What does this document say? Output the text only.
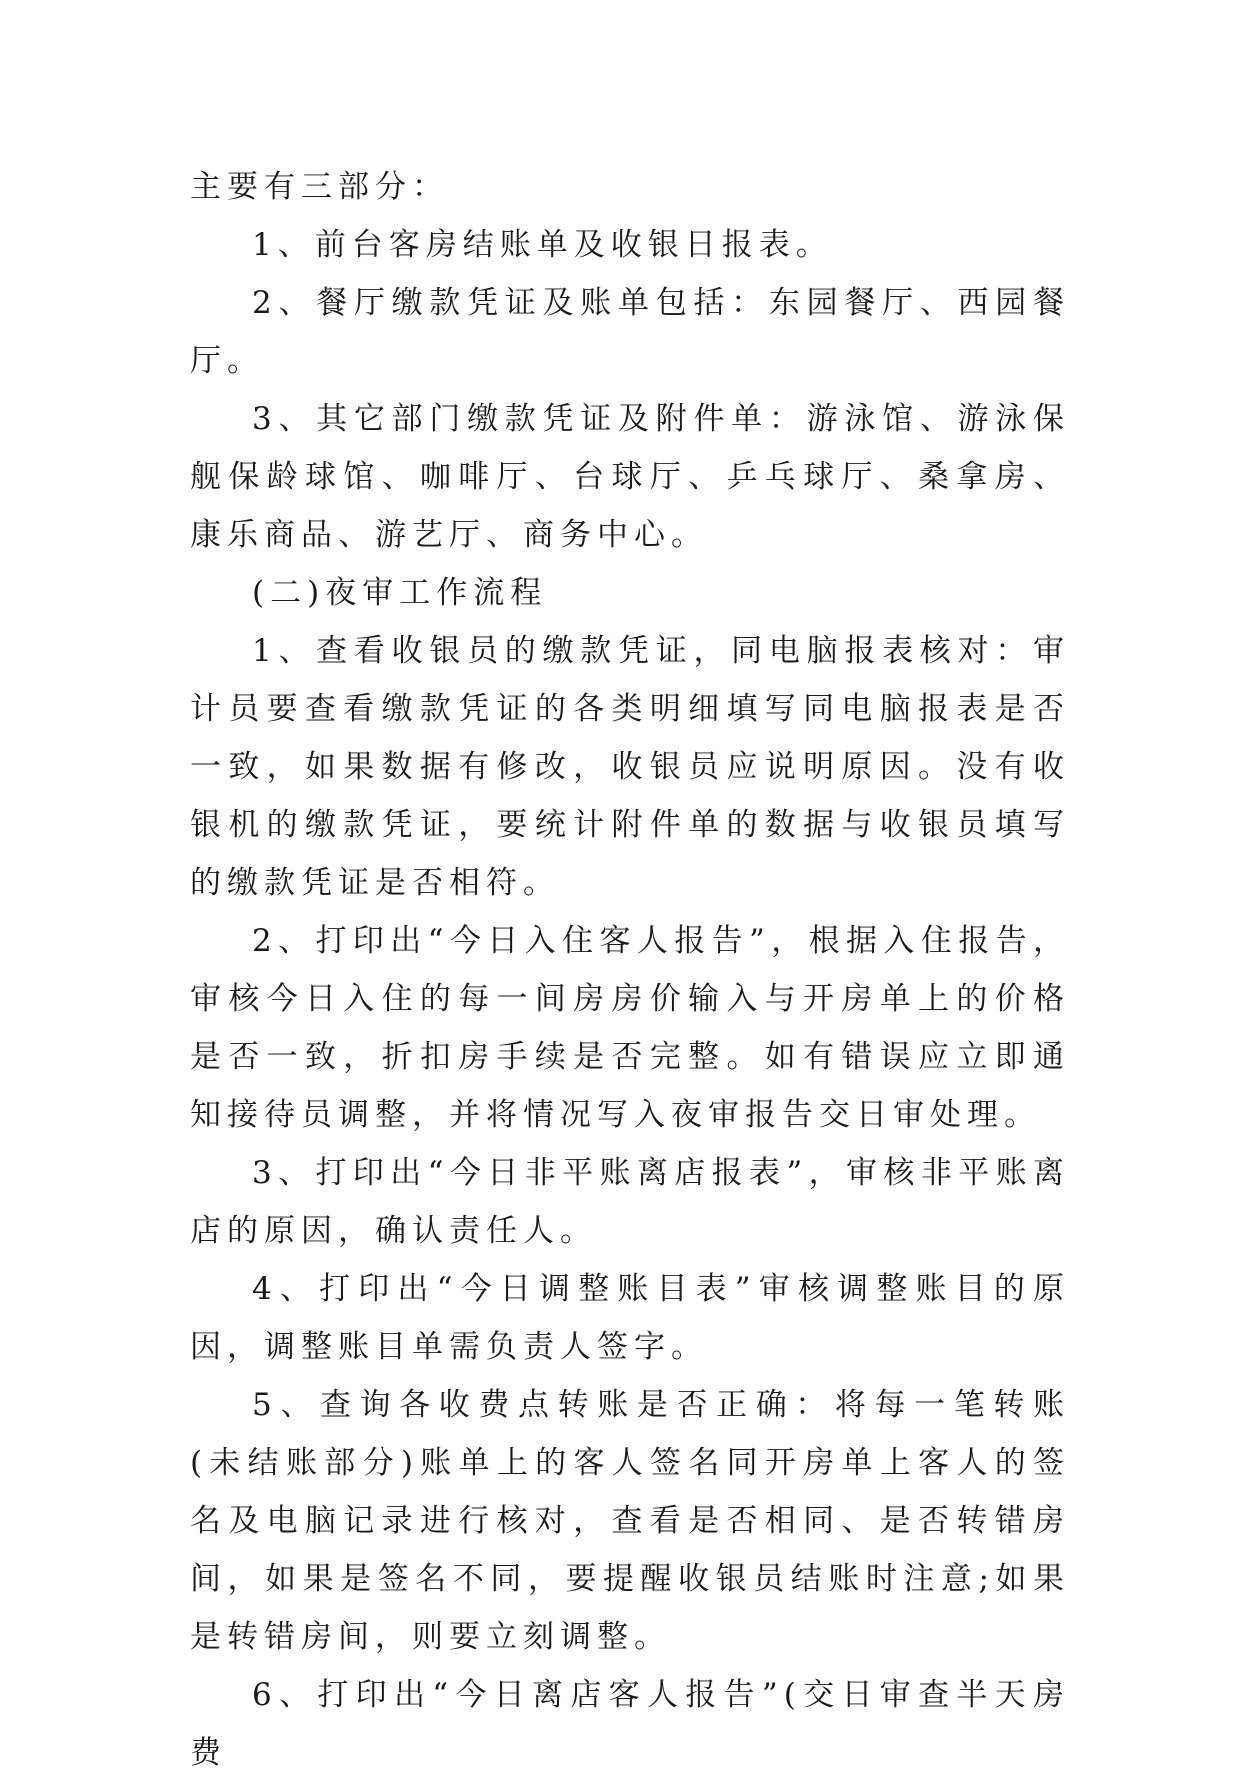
主要有三部分：

1、前台客房结账单及收银日报表。

2、餐厅缴款凭证及账单包括：东园餐厅、西园餐厅。

3、其它部门缴款凭证及附件单：游泳馆、游泳保舰保龄球馆、咖啡厅、台球厅、乒乓球厅、桑拿房、康乐商品、游艺厅、商务中心。

(二)夜审工作流程

1、查看收银员的缴款凭证，同电脑报表核对：审计员要查看缴款凭证的各类明细填写同电脑报表是否一致，如果数据有修改，收银员应说明原因。没有收银机的缴款凭证，要统计附件单的数据与收银员填写的缴款凭证是否相符。

2、打印出“今日入住客人报告”，根据入住报告，审核今日入住的每一间房房价输入与开房单上的价格是否一致，折扣房手续是否完整。如有错误应立即通知接待员调整，并将情况写入夜审报告交日审处理。

3、打印出“今日非平账离店报表”，审核非平账离店的原因，确认责任人。

4、打印出“今日调整账目表”审核调整账目的原因，调整账目单需负责人签字。

5、查询各收费点转账是否正确：将每一笔转账(未结账部分)账单上的客人签名同开房单上客人的签名及电脑记录进行核对，查看是否相同、是否转错房间，如果是签名不同，要提醒收银员结账时注意;如果是转错房间，则要立刻调整。

6、打印出“今日离店客人报告”(交日审查半天房费
